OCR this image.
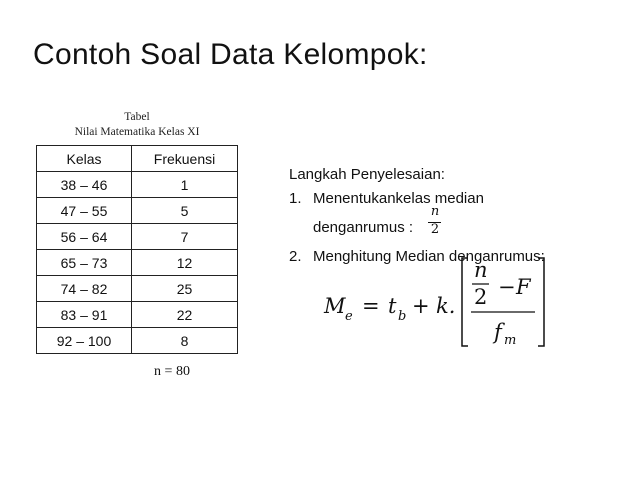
Contoh Soal Data Kelompok:
Tabel
Nilai Matematika Kelas XI
Kelas	Frekuensi
38 – 46	1
47 – 55	5
56 – 64	7
65 – 73	12
74 – 82	25
83 – 91	22
92 – 100	8
n = 80
Langkah Penyelesaian:
1. Menentukankelas median
denganrumus :
2. Menghitung Median denganrumus:
n
2
M e = t b + k.
n
2 − F
f m
